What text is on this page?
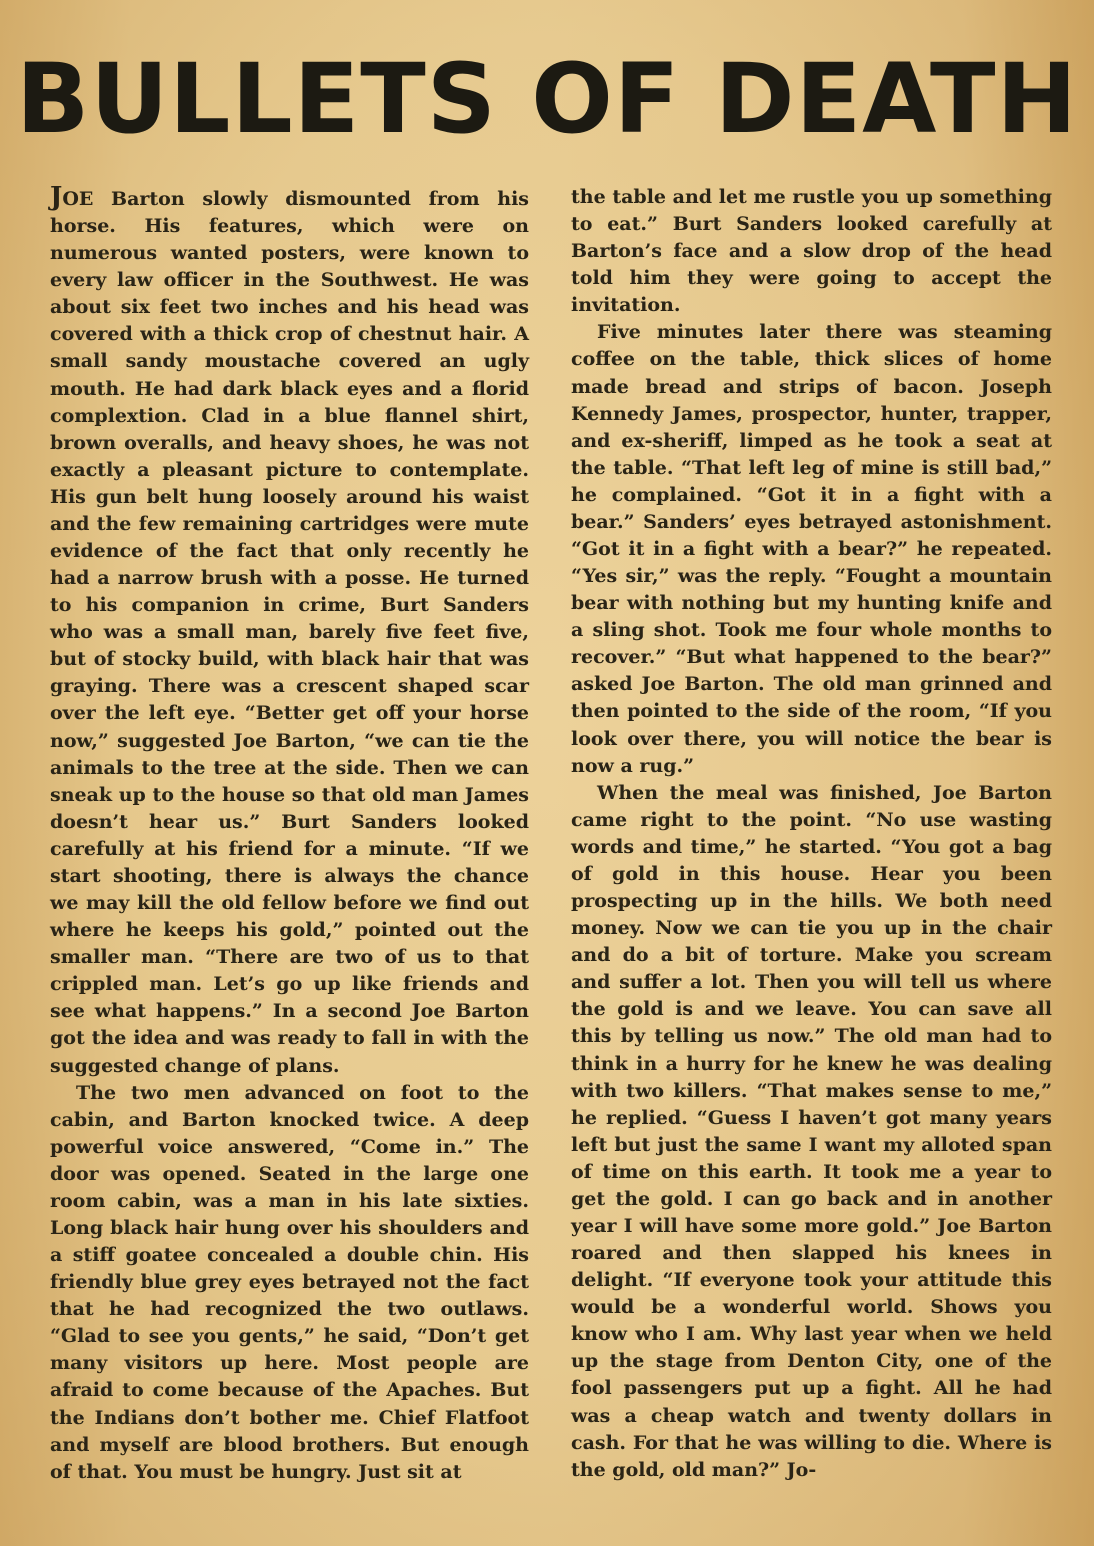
BULLETS OF DEATH

JOE Barton slowly dismounted from his horse. His features, which were on numerous wanted posters, were known to every law officer in the Southwest. He was about six feet two inches and his head was covered with a thick crop of chestnut hair. A small sandy moustache covered an ugly mouth. He had dark black eyes and a florid complextion. Clad in a blue flannel shirt, brown overalls, and heavy shoes, he was not exactly a pleasant picture to contemplate. His gun belt hung loosely around his waist and the few remaining cartridges were mute evidence of the fact that only recently he had a narrow brush with a posse. He turned to his companion in crime, Burt Sanders who was a small man, barely five feet five, but of stocky build, with black hair that was graying. There was a crescent shaped scar over the left eye. “Better get off your horse now,” suggested Joe Barton, “we can tie the animals to the tree at the side. Then we can sneak up to the house so that old man James doesn’t hear us.” Burt Sanders looked carefully at his friend for a minute. “If we start shooting, there is always the chance we may kill the old fellow before we find out where he keeps his gold,” pointed out the smaller man. “There are two of us to that crippled man. Let’s go up like friends and see what happens.” In a second Joe Barton got the idea and was ready to fall in with the suggested change of plans.

The two men advanced on foot to the cabin, and Barton knocked twice. A deep powerful voice answered, “Come in.” The door was opened. Seated in the large one room cabin, was a man in his late sixties. Long black hair hung over his shoulders and a stiff goatee concealed a double chin. His friendly blue grey eyes betrayed not the fact that he had recognized the two outlaws. “Glad to see you gents,” he said, “Don’t get many visitors up here. Most people are afraid to come because of the Apaches. But the Indians don’t bother me. Chief Flatfoot and myself are blood brothers. But enough of that. You must be hungry. Just sit at

the table and let me rustle you up something to eat.” Burt Sanders looked carefully at Barton’s face and a slow drop of the head told him they were going to accept the invitation.

Five minutes later there was steaming coffee on the table, thick slices of home made bread and strips of bacon. Joseph Kennedy James, prospector, hunter, trapper, and ex-sheriff, limped as he took a seat at the table. “That left leg of mine is still bad,” he complained. “Got it in a fight with a bear.” Sanders’ eyes betrayed astonishment. “Got it in a fight with a bear?” he repeated. “Yes sir,” was the reply. “Fought a mountain bear with nothing but my hunting knife and a sling shot. Took me four whole months to recover.” “But what happened to the bear?” asked Joe Barton. The old man grinned and then pointed to the side of the room, “If you look over there, you will notice the bear is now a rug.”

When the meal was finished, Joe Barton came right to the point. “No use wasting words and time,” he started. “You got a bag of gold in this house. Hear you been prospecting up in the hills. We both need money. Now we can tie you up in the chair and do a bit of torture. Make you scream and suffer a lot. Then you will tell us where the gold is and we leave. You can save all this by telling us now.” The old man had to think in a hurry for he knew he was dealing with two killers. “That makes sense to me,” he replied. “Guess I haven’t got many years left but just the same I want my alloted span of time on this earth. It took me a year to get the gold. I can go back and in another year I will have some more gold.” Joe Barton roared and then slapped his knees in delight. “If everyone took your attitude this would be a wonderful world. Shows you know who I am. Why last year when we held up the stage from Denton City, one of the fool passengers put up a fight. All he had was a cheap watch and twenty dollars in cash. For that he was willing to die. Where is the gold, old man?” Jo-
